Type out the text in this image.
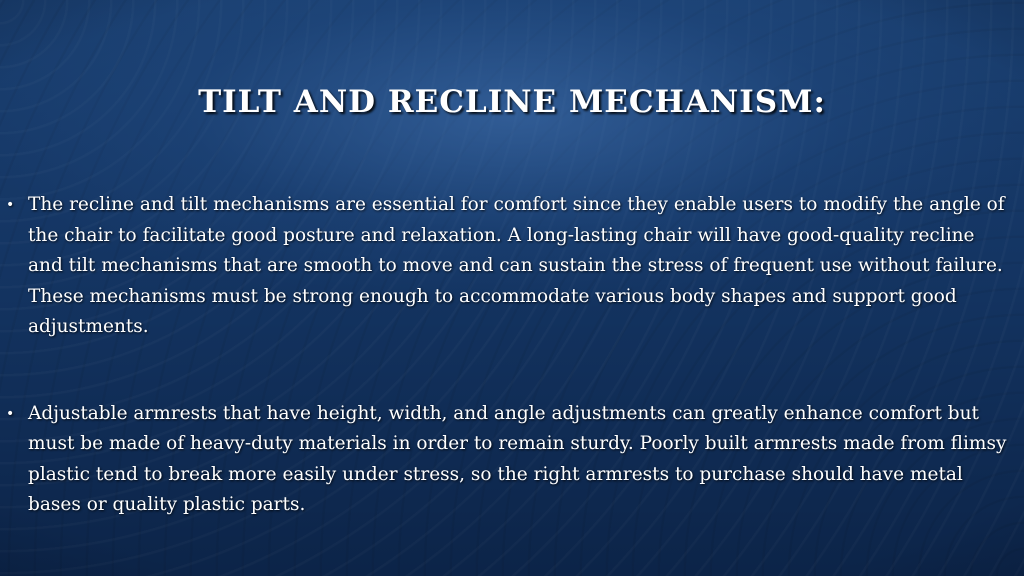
TILT AND RECLINE MECHANISM:
• The recline and tilt mechanisms are essential for comfort since they enable users to modify the angle of the chair to facilitate good posture and relaxation. A long-lasting chair will have good-quality recline and tilt mechanisms that are smooth to move and can sustain the stress of frequent use without failure. These mechanisms must be strong enough to accommodate various body shapes and support good adjustments.
• Adjustable armrests that have height, width, and angle adjustments can greatly enhance comfort but must be made of heavy-duty materials in order to remain sturdy. Poorly built armrests made from flimsy plastic tend to break more easily under stress, so the right armrests to purchase should have metal bases or quality plastic parts.
